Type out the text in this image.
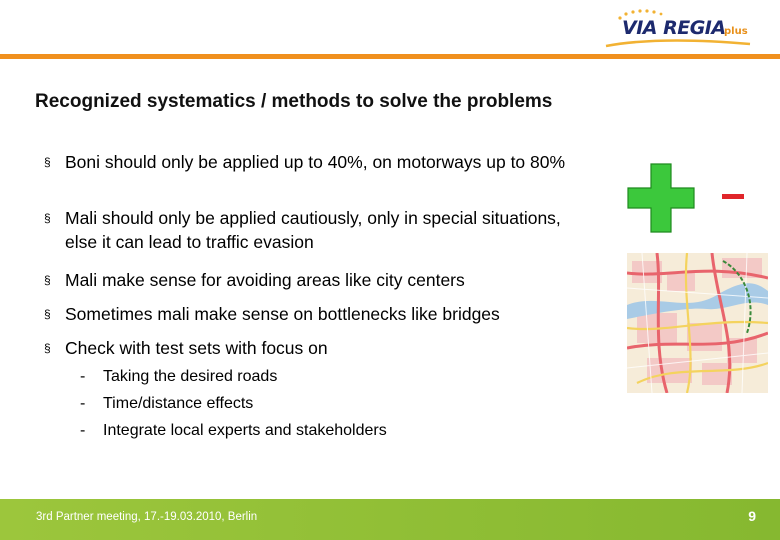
VIA REGIA
plus
Recognized systematics / methods to solve the problems
§ Boni should only be applied up to 40%, on motorways up to 80%
§ Mali should only be applied cautiously, only in special situations, else it can lead to traffic evasion
§ Mali make sense for avoiding areas like city centers
§ Sometimes mali make sense on bottlenecks like bridges
§ Check with test sets with focus on
- Taking the desired roads
- Time/distance effects
- Integrate local experts and stakeholders
3rd Partner meeting, 17.-19.03.2010, Berlin	9
